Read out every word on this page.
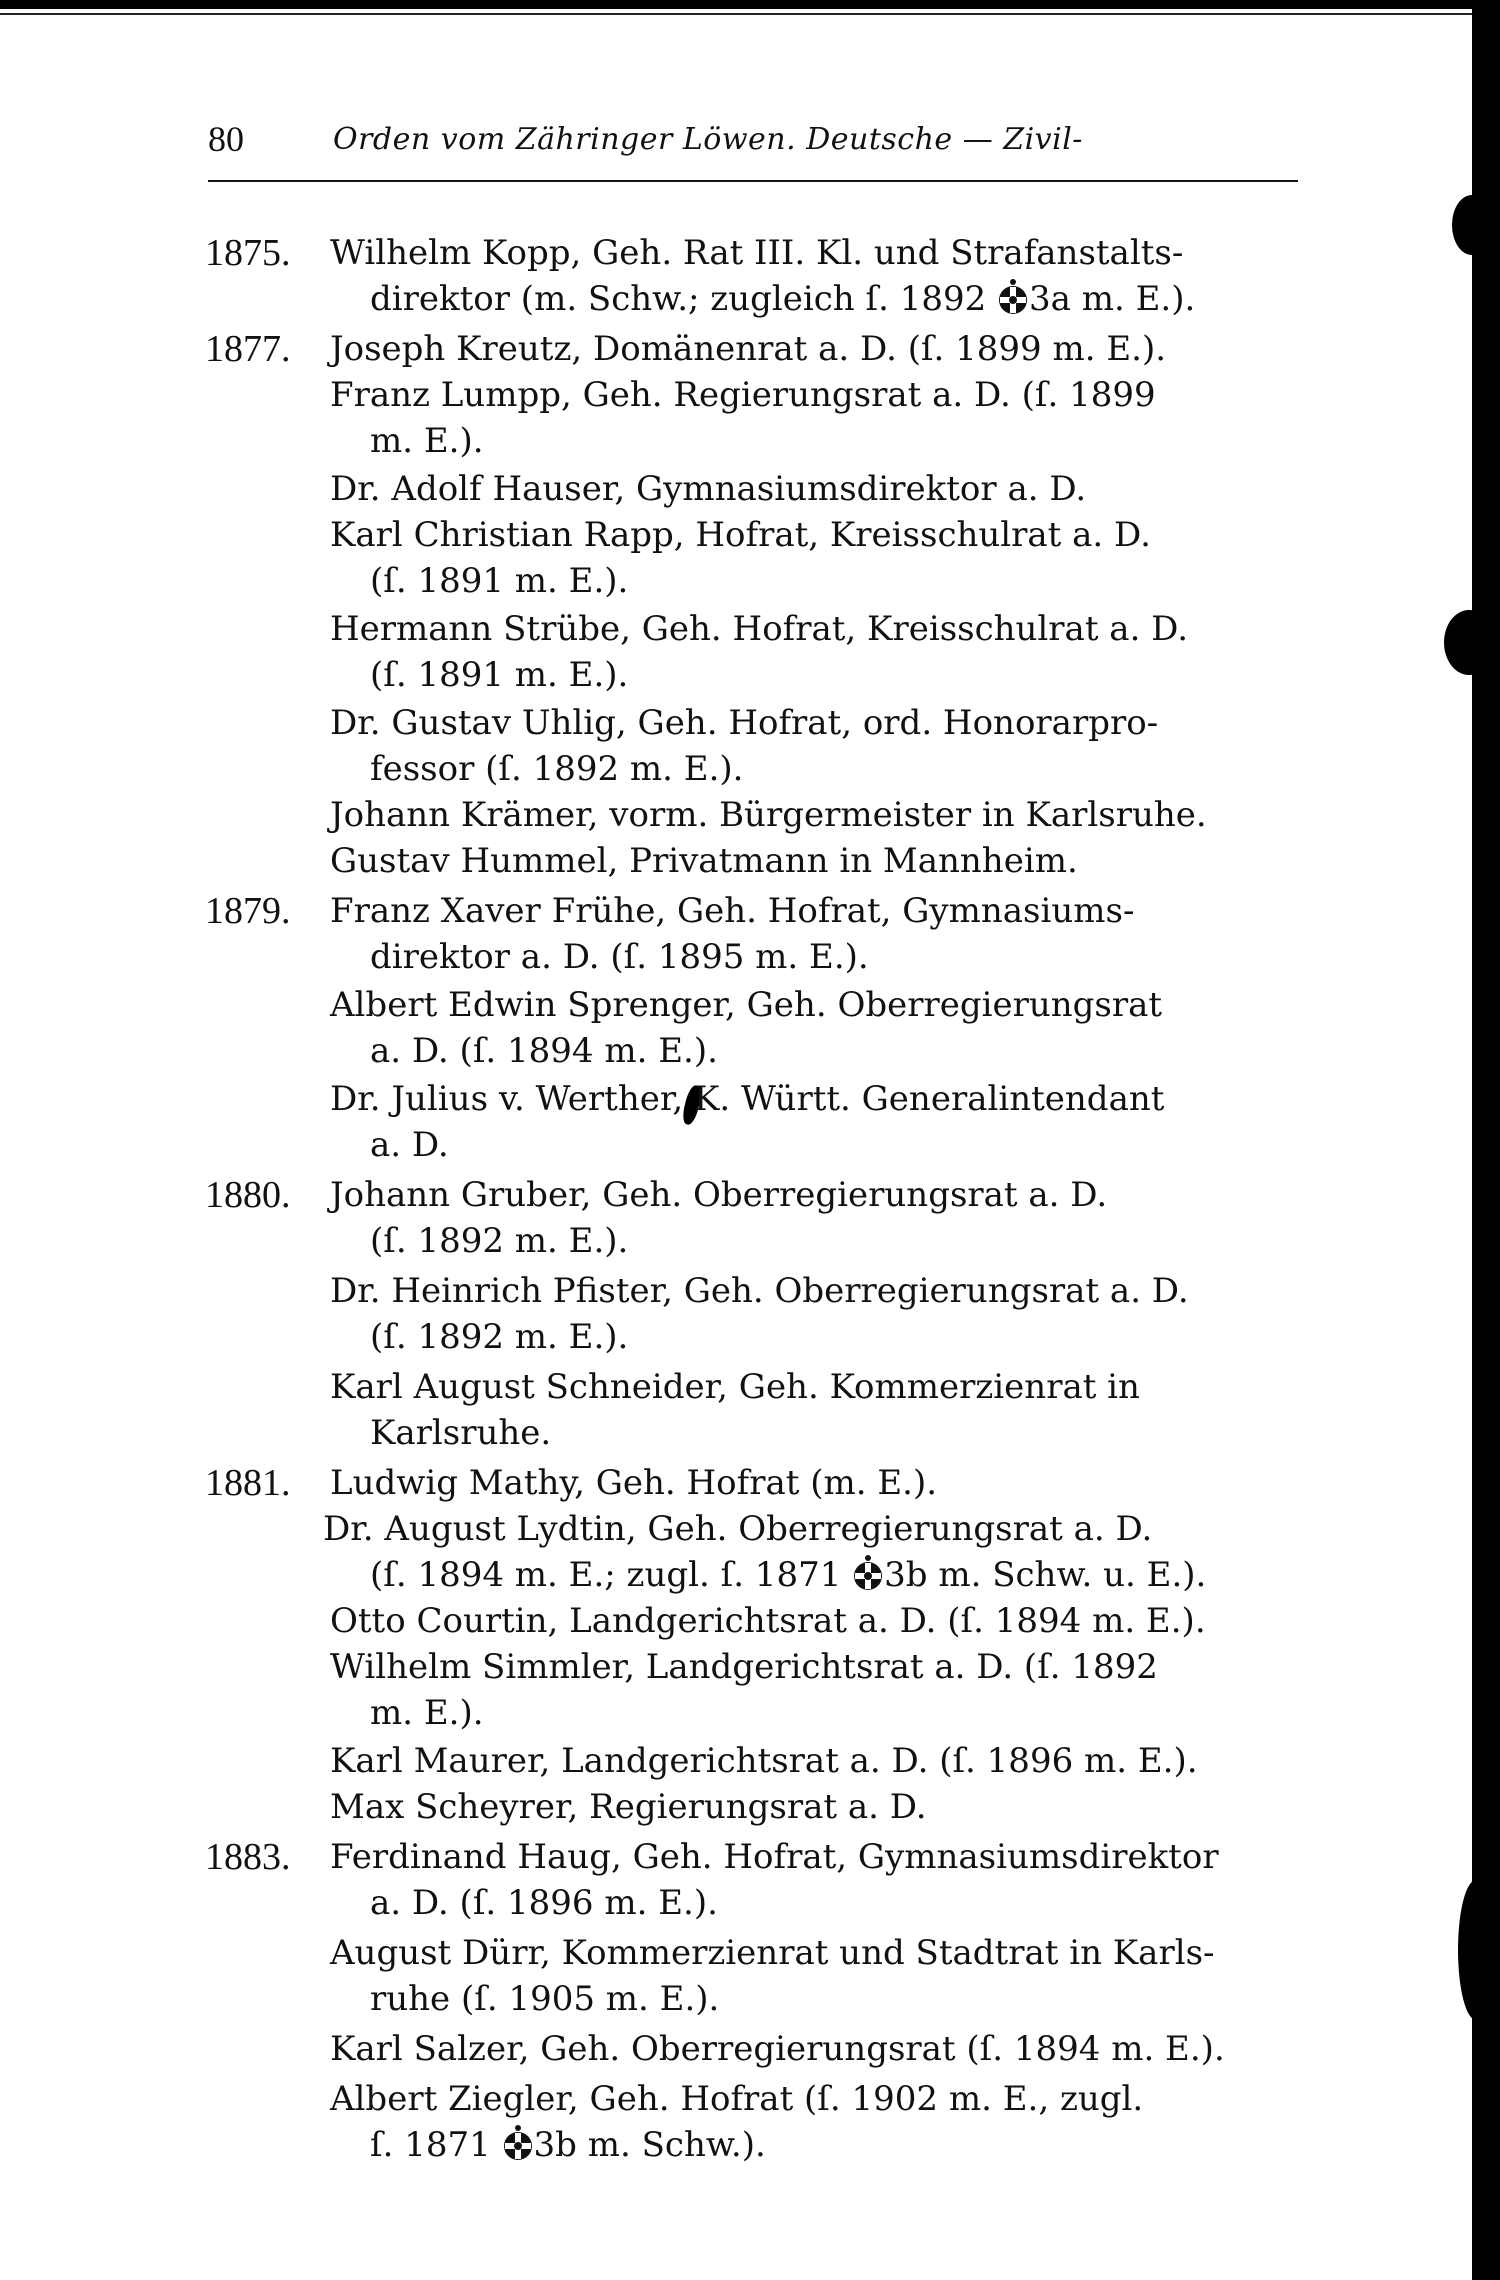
80	Orden vom Zähringer Löwen. Deutsche — Zivil-
1875. Wilhelm Kopp, Geh. Rat III. Kl. und Strafanstalts-
direktor (m. Schw.; zugleich ſ. 1892 3a m. E.).
1877. Joseph Kreutz, Domänenrat a. D. (ſ. 1899 m. E.).
Franz Lumpp, Geh. Regierungsrat a. D. (ſ. 1899
m. E.).
Dr. Adolf Hauser, Gymnasiumsdirektor a. D.
Karl Christian Rapp, Hofrat, Kreisschulrat a. D.
(ſ. 1891 m. E.).
Hermann Strübe, Geh. Hofrat, Kreisschulrat a. D.
(ſ. 1891 m. E.).
Dr. Gustav Uhlig, Geh. Hofrat, ord. Honorarpro-
fessor (ſ. 1892 m. E.).
Johann Krämer, vorm. Bürgermeister in Karlsruhe.
Gustav Hummel, Privatmann in Mannheim.
1879. Franz Xaver Frühe, Geh. Hofrat, Gymnasiums-
direktor a. D. (ſ. 1895 m. E.).
Albert Edwin Sprenger, Geh. Oberregierungsrat
a. D. (ſ. 1894 m. E.).
Dr. Julius v. Werther, K. Württ. Generalintendant
a. D.
1880. Johann Gruber, Geh. Oberregierungsrat a. D.
(ſ. 1892 m. E.).
Dr. Heinrich Pfister, Geh. Oberregierungsrat a. D.
(ſ. 1892 m. E.).
Karl August Schneider, Geh. Kommerzienrat in
Karlsruhe.
1881. Ludwig Mathy, Geh. Hofrat (m. E.).
Dr. August Lydtin, Geh. Oberregierungsrat a. D.
(ſ. 1894 m. E.; zugl. ſ. 1871 3b m. Schw. u. E.).
Otto Courtin, Landgerichtsrat a. D. (ſ. 1894 m. E.).
Wilhelm Simmler, Landgerichtsrat a. D. (ſ. 1892
m. E.).
Karl Maurer, Landgerichtsrat a. D. (ſ. 1896 m. E.).
Max Scheyrer, Regierungsrat a. D.
1883. Ferdinand Haug, Geh. Hofrat, Gymnasiumsdirektor
a. D. (ſ. 1896 m. E.).
August Dürr, Kommerzienrat und Stadtrat in Karls-
ruhe (ſ. 1905 m. E.).
Karl Salzer, Geh. Oberregierungsrat (ſ. 1894 m. E.).
Albert Ziegler, Geh. Hofrat (ſ. 1902 m. E., zugl.
ſ. 1871 3b m. Schw.).
